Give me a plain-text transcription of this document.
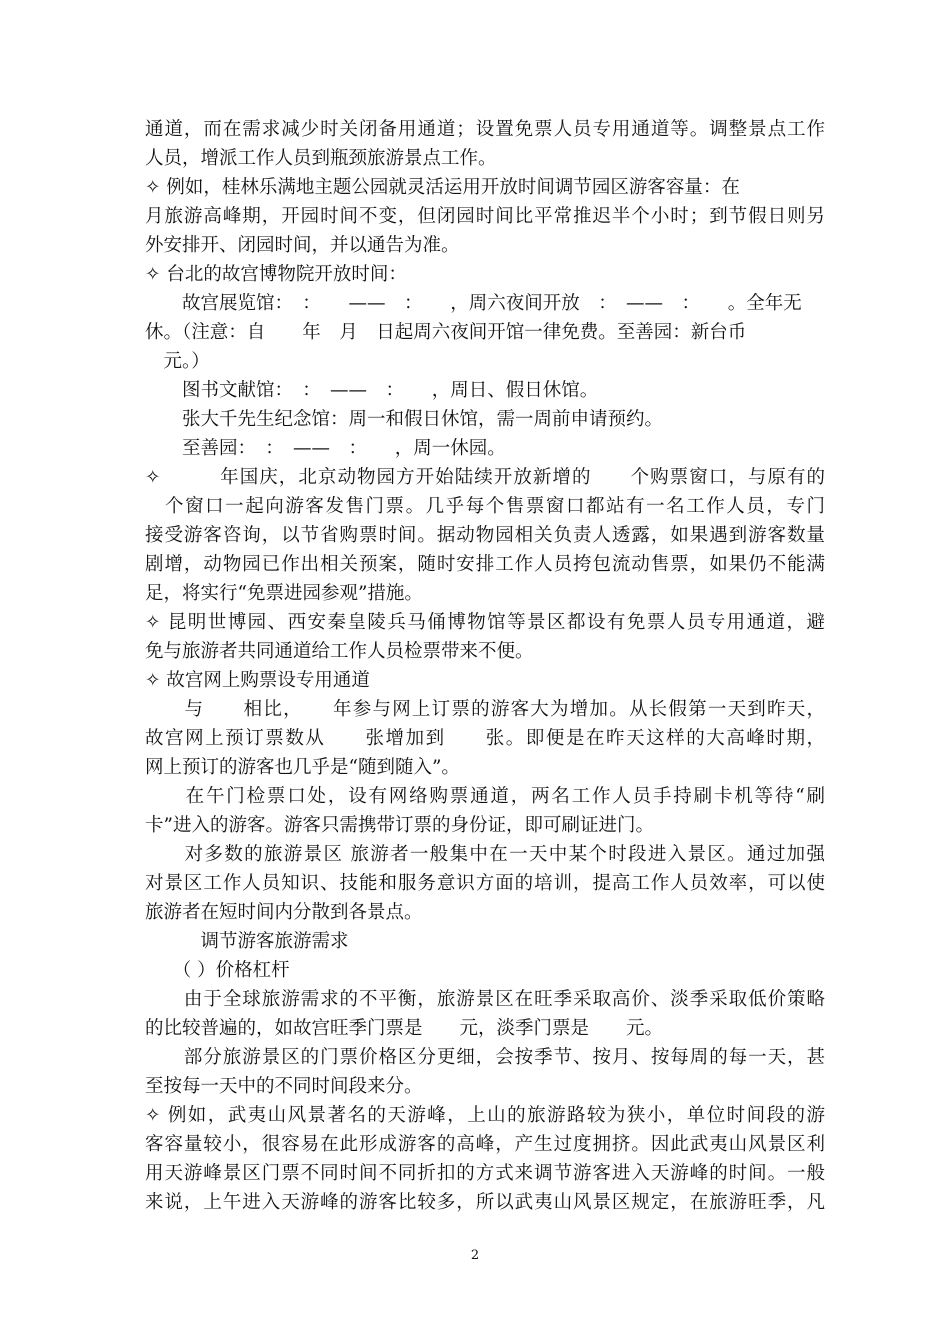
通道，而在需求减少时关闭备用通道；设置免票人员专用通道等。调整景点工作
人员，增派工作人员到瓶颈旅游景点工作。
✧ 例如，桂林乐满地主题公园就灵活运用开放时间调节园区游客容量：在
月旅游高峰期，开园时间不变，但闭园时间比平常推迟半个小时；到节假日则另
外安排开、闭园时间，并以通告为准。
✧ 台北的故宫博物院开放时间：
　　故宫展览馆：　：　　——　：　　，周六夜间开放　：　——　：　　。全年无
休。（注意：自　　年　月　日起周六夜间开馆一律免费。至善园：新台币
　元。）
　　图书文献馆：　：　——　：　　，周日、假日休馆。
　　张大千先生纪念馆：周一和假日休馆，需一周前申请预约。
　　至善园：　：　——　：　　，周一休园。
✧　　　年国庆，北京动物园方开始陆续开放新增的　　个购票窗口，与原有的
　个窗口一起向游客发售门票。几乎每个售票窗口都站有一名工作人员，专门
接受游客咨询，以节省购票时间。据动物园相关负责人透露，如果遇到游客数量
剧增，动物园已作出相关预案，随时安排工作人员挎包流动售票，如果仍不能满
足，将实行“免票进园参观”措施。
✧ 昆明世博园、西安秦皇陵兵马俑博物馆等景区都设有免票人员专用通道，避
免与旅游者共同通道给工作人员检票带来不便。
✧ 故宫网上购票设专用通道
　　与　　相比，　　年参与网上订票的游客大为增加。从长假第一天到昨天，
故宫网上预订票数从　　张增加到　　张。即便是在昨天这样的大高峰时期，
网上预订的游客也几乎是“随到随入”。
　　在午门检票口处，设有网络购票通道，两名工作人员手持刷卡机等待“刷
卡”进入的游客。游客只需携带订票的身份证，即可刷证进门。
　　对多数的旅游景区 旅游者一般集中在一天中某个时段进入景区。通过加强
对景区工作人员知识、技能和服务意识方面的培训，提高工作人员效率，可以使
旅游者在短时间内分散到各景点。
　　　调节游客旅游需求
　　（ ）价格杠杆
　　由于全球旅游需求的不平衡，旅游景区在旺季采取高价、淡季采取低价策略
的比较普遍的，如故宫旺季门票是　　元，淡季门票是　　元。
　　部分旅游景区的门票价格区分更细，会按季节、按月、按每周的每一天，甚
至按每一天中的不同时间段来分。
✧ 例如，武夷山风景著名的天游峰，上山的旅游路较为狭小，单位时间段的游
客容量较小，很容易在此形成游客的高峰，产生过度拥挤。因此武夷山风景区利
用天游峰景区门票不同时间不同折扣的方式来调节游客进入天游峰的时间。一般
来说，上午进入天游峰的游客比较多，所以武夷山风景区规定，在旅游旺季，凡
2
